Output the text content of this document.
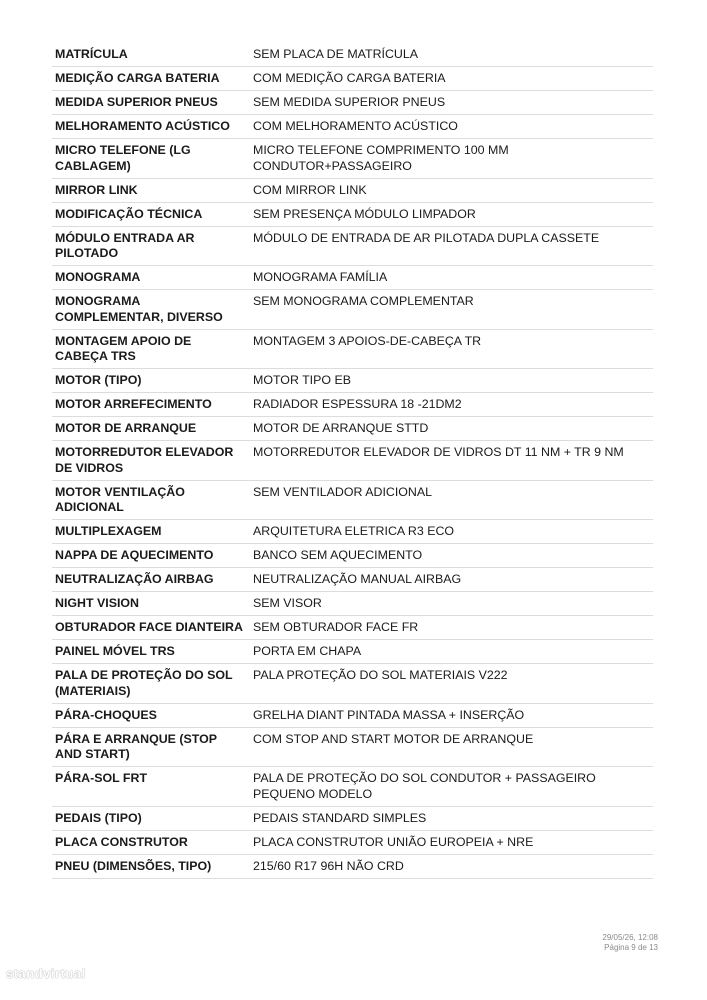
MATRÍCULA	SEM PLACA DE MATRÍCULA
MEDIÇÃO CARGA BATERIA	COM MEDIÇÃO CARGA BATERIA
MEDIDA SUPERIOR PNEUS	SEM MEDIDA SUPERIOR PNEUS
MELHORAMENTO ACÚSTICO	COM MELHORAMENTO ACÚSTICO
MICRO TELEFONE (LG CABLAGEM)	MICRO TELEFONE COMPRIMENTO 100 MM CONDUTOR+PASSAGEIRO
MIRROR LINK	COM MIRROR LINK
MODIFICAÇÃO TÉCNICA	SEM PRESENÇA MÓDULO LIMPADOR
MÓDULO ENTRADA AR PILOTADO	MÓDULO DE ENTRADA DE AR PILOTADA DUPLA CASSETE
MONOGRAMA	MONOGRAMA FAMÍLIA
MONOGRAMA COMPLEMENTAR, DIVERSO	SEM MONOGRAMA COMPLEMENTAR
MONTAGEM APOIO DE CABEÇA TRS	MONTAGEM 3 APOIOS-DE-CABEÇA TR
MOTOR (TIPO)	MOTOR TIPO EB
MOTOR ARREFECIMENTO	RADIADOR ESPESSURA 18 -21DM2
MOTOR DE ARRANQUE	MOTOR DE ARRANQUE STTD
MOTORREDUTOR ELEVADOR DE VIDROS	MOTORREDUTOR ELEVADOR DE VIDROS DT 11 NM + TR 9 NM
MOTOR VENTILAÇÃO ADICIONAL	SEM VENTILADOR ADICIONAL
MULTIPLEXAGEM	ARQUITETURA ELETRICA R3 ECO
NAPPA DE AQUECIMENTO	BANCO SEM AQUECIMENTO
NEUTRALIZAÇÃO AIRBAG	NEUTRALIZAÇÃO MANUAL AIRBAG
NIGHT VISION	SEM VISOR
OBTURADOR FACE DIANTEIRA	SEM OBTURADOR FACE FR
PAINEL MÓVEL TRS	PORTA EM CHAPA
PALA DE PROTEÇÃO DO SOL (MATERIAIS)	PALA PROTEÇÃO DO SOL MATERIAIS V222
PÁRA-CHOQUES	GRELHA DIANT PINTADA MASSA + INSERÇÃO
PÁRA E ARRANQUE (STOP AND START)	COM STOP AND START MOTOR DE ARRANQUE
PÁRA-SOL FRT	PALA DE PROTEÇÃO DO SOL CONDUTOR + PASSAGEIRO PEQUENO MODELO
PEDAIS (TIPO)	PEDAIS STANDARD SIMPLES
PLACA CONSTRUTOR	PLACA CONSTRUTOR UNIÃO EUROPEIA + NRE
PNEU (DIMENSÕES, TIPO)	215/60 R17 96H NÃO CRD
29/05/26, 12:08
Página 9 de 13
standvirtual
